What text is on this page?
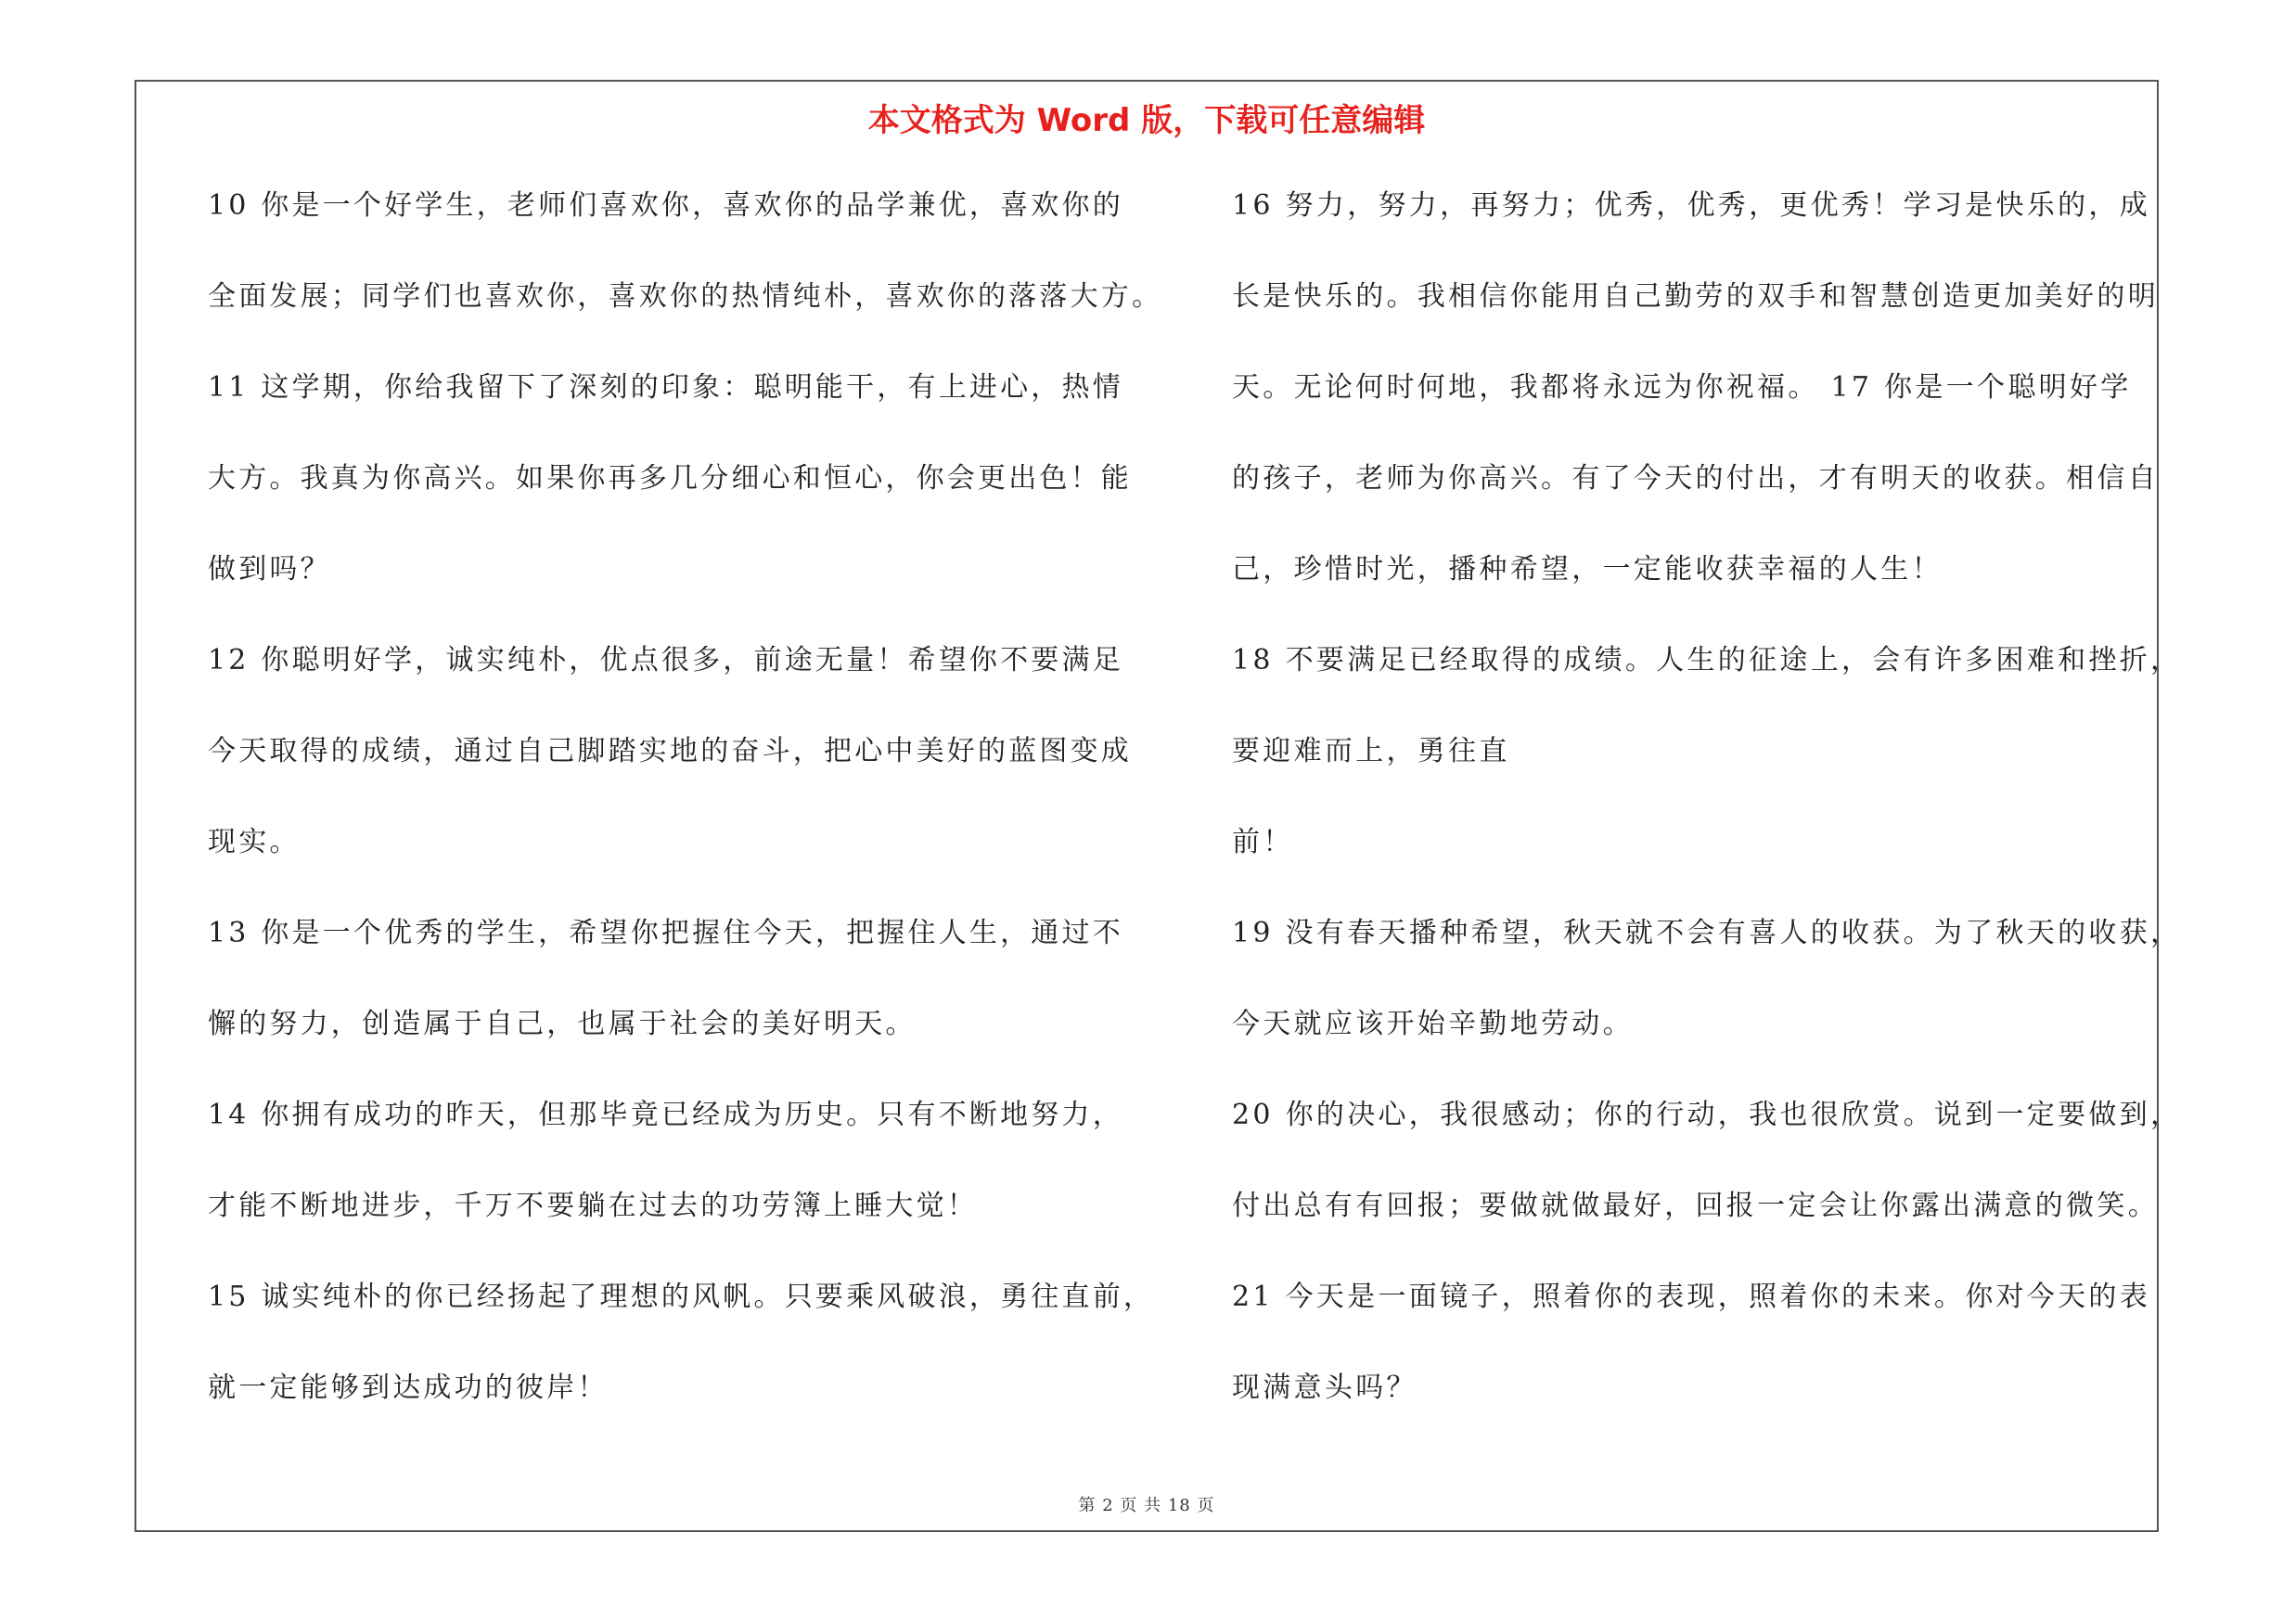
本文格式为 Word 版，下载可任意编辑
10 你是一个好学生，老师们喜欢你，喜欢你的品学兼优，喜欢你的
全面发展；同学们也喜欢你，喜欢你的热情纯朴，喜欢你的落落大方。
11 这学期，你给我留下了深刻的印象：聪明能干，有上进心，热情
大方。我真为你高兴。如果你再多几分细心和恒心，你会更出色！能
做到吗？
12 你聪明好学，诚实纯朴，优点很多，前途无量！希望你不要满足
今天取得的成绩，通过自己脚踏实地的奋斗，把心中美好的蓝图变成
现实。
13 你是一个优秀的学生，希望你把握住今天，把握住人生，通过不
懈的努力，创造属于自己，也属于社会的美好明天。
14 你拥有成功的昨天，但那毕竟已经成为历史。只有不断地努力，
才能不断地进步，千万不要躺在过去的功劳簿上睡大觉！
15 诚实纯朴的你已经扬起了理想的风帆。只要乘风破浪，勇往直前，
就一定能够到达成功的彼岸！
16 努力，努力，再努力；优秀，优秀，更优秀！学习是快乐的，成
长是快乐的。我相信你能用自己勤劳的双手和智慧创造更加美好的明
天。无论何时何地，我都将永远为你祝福。 17 你是一个聪明好学
的孩子，老师为你高兴。有了今天的付出，才有明天的收获。相信自
己，珍惜时光，播种希望，一定能收获幸福的人生！
18 不要满足已经取得的成绩。人生的征途上，会有许多困难和挫折，
要迎难而上，勇往直
前！
19 没有春天播种希望，秋天就不会有喜人的收获。为了秋天的收获，
今天就应该开始辛勤地劳动。
20 你的决心，我很感动；你的行动，我也很欣赏。说到一定要做到，
付出总有有回报；要做就做最好，回报一定会让你露出满意的微笑。
21 今天是一面镜子，照着你的表现，照着你的未来。你对今天的表
现满意头吗？
第 2 页 共 18 页
